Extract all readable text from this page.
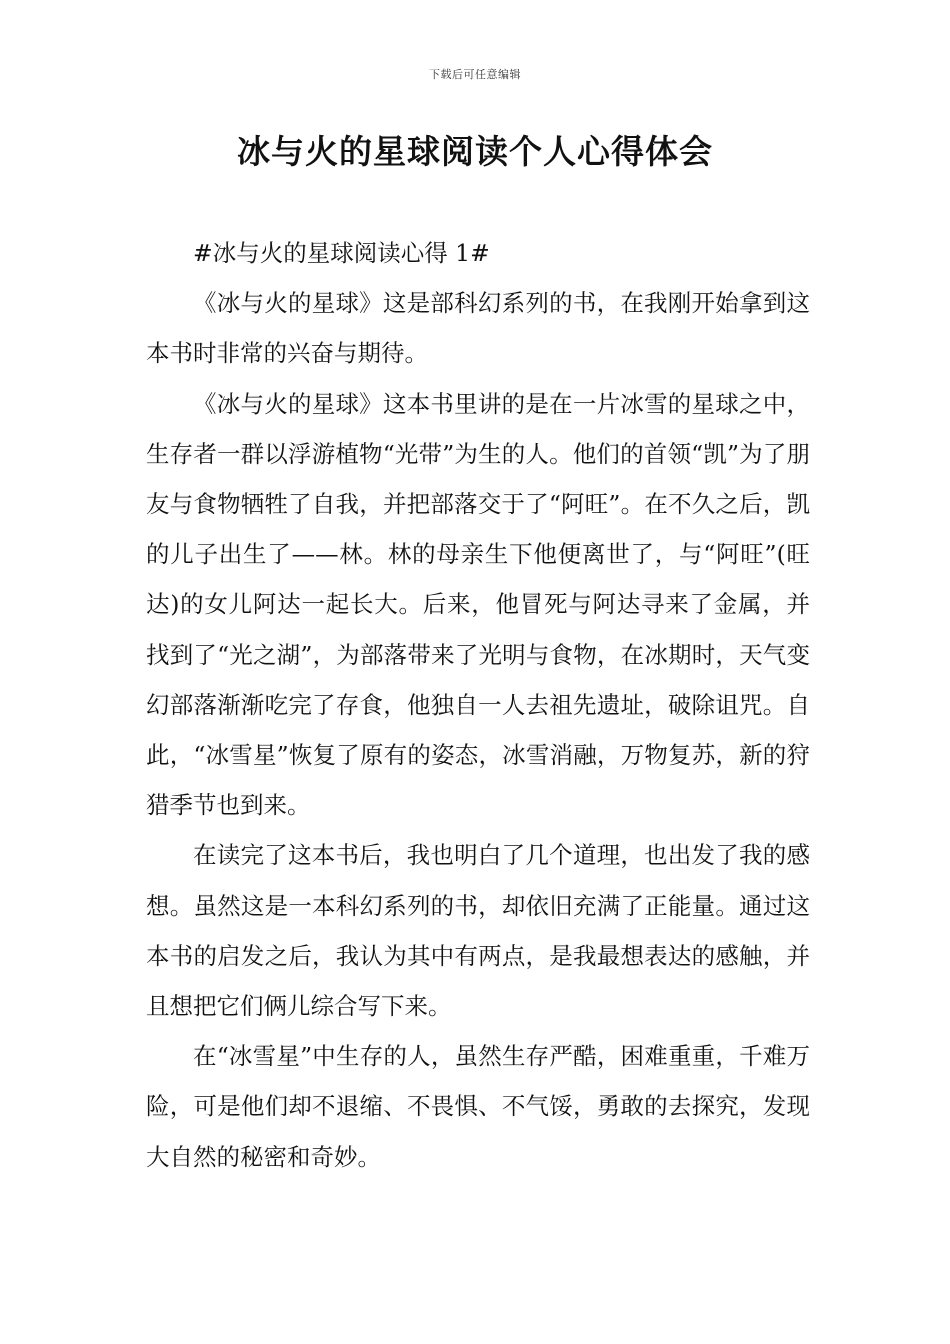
下载后可任意编辑
冰与火的星球阅读个人心得体会

#冰与火的星球阅读心得 1#

《冰与火的星球》这是部科幻系列的书，在我刚开始拿到这本书时非常的兴奋与期待。

《冰与火的星球》这本书里讲的是在一片冰雪的星球之中，生存者一群以浮游植物“光带”为生的人。他们的首领“凯”为了朋友与食物牺牲了自我，并把部落交于了“阿旺”。在不久之后，凯的儿子出生了——林。林的母亲生下他便离世了，与“阿旺”(旺达)的女儿阿达一起长大。后来，他冒死与阿达寻来了金属，并找到了“光之湖”，为部落带来了光明与食物，在冰期时，天气变幻部落渐渐吃完了存食，他独自一人去祖先遗址，破除诅咒。自此，“冰雪星”恢复了原有的姿态，冰雪消融，万物复苏，新的狩猎季节也到来。

在读完了这本书后，我也明白了几个道理，也出发了我的感想。虽然这是一本科幻系列的书，却依旧充满了正能量。通过这本书的启发之后，我认为其中有两点，是我最想表达的感触，并且想把它们俩儿综合写下来。

在“冰雪星”中生存的人，虽然生存严酷，困难重重，千难万险，可是他们却不退缩、不畏惧、不气馁，勇敢的去探究，发现大自然的秘密和奇妙。
